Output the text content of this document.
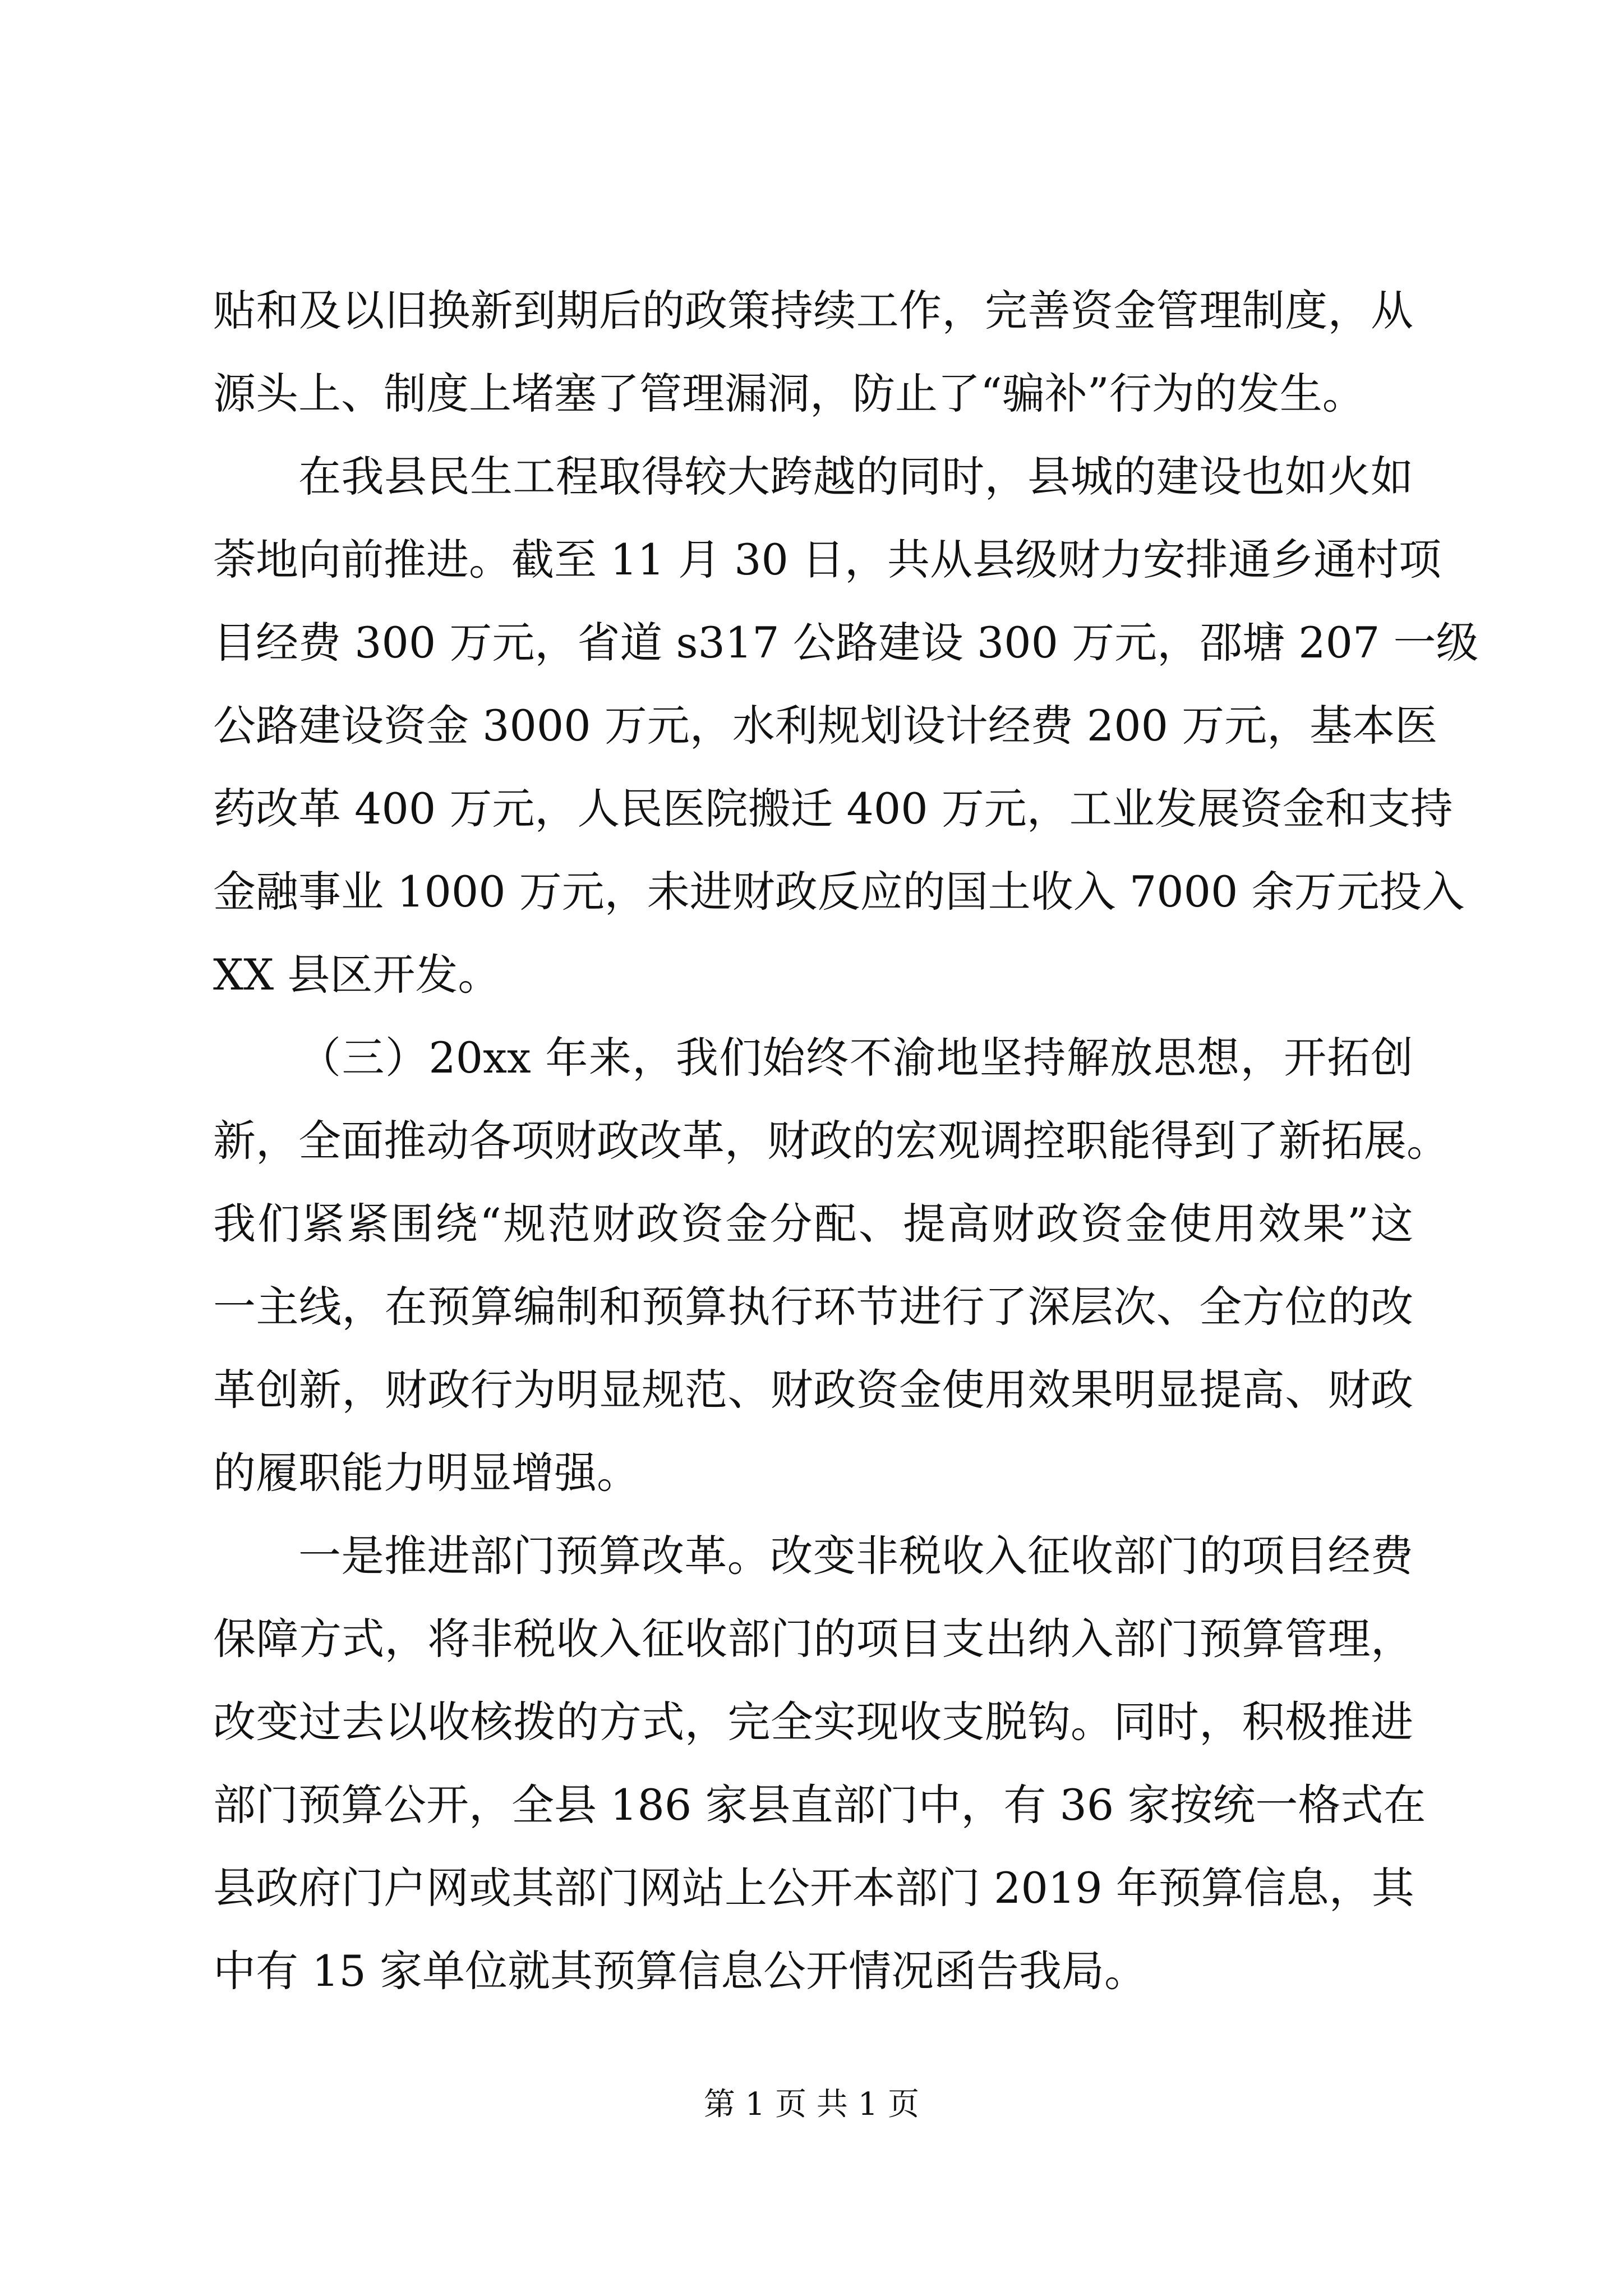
贴和及以旧换新到期后的政策持续工作，完善资金管理制度，从
源头上、制度上堵塞了管理漏洞，防止了“骗补”行为的发生。
在我县民生工程取得较大跨越的同时，县城的建设也如火如
荼地向前推进。截至 11 月 30 日，共从县级财力安排通乡通村项
目经费 300 万元，省道 s317 公路建设 300 万元，邵塘 207 一级
公路建设资金 3000 万元，水利规划设计经费 200 万元，基本医
药改革 400 万元，人民医院搬迁 400 万元，工业发展资金和支持
金融事业 1000 万元，未进财政反应的国土收入 7000 余万元投入
XX 县区开发。
（三）20xx 年来，我们始终不渝地坚持解放思想，开拓创
新，全面推动各项财政改革，财政的宏观调控职能得到了新拓展。
我们紧紧围绕“规范财政资金分配、提高财政资金使用效果”这
一主线，在预算编制和预算执行环节进行了深层次、全方位的改
革创新，财政行为明显规范、财政资金使用效果明显提高、财政
的履职能力明显增强。
一是推进部门预算改革。改变非税收入征收部门的项目经费
保障方式，将非税收入征收部门的项目支出纳入部门预算管理，
改变过去以收核拨的方式，完全实现收支脱钩。同时，积极推进
部门预算公开，全县 186 家县直部门中，有 36 家按统一格式在
县政府门户网或其部门网站上公开本部门 2019 年预算信息，其
中有 15 家单位就其预算信息公开情况函告我局。
第 1 页 共 1 页
